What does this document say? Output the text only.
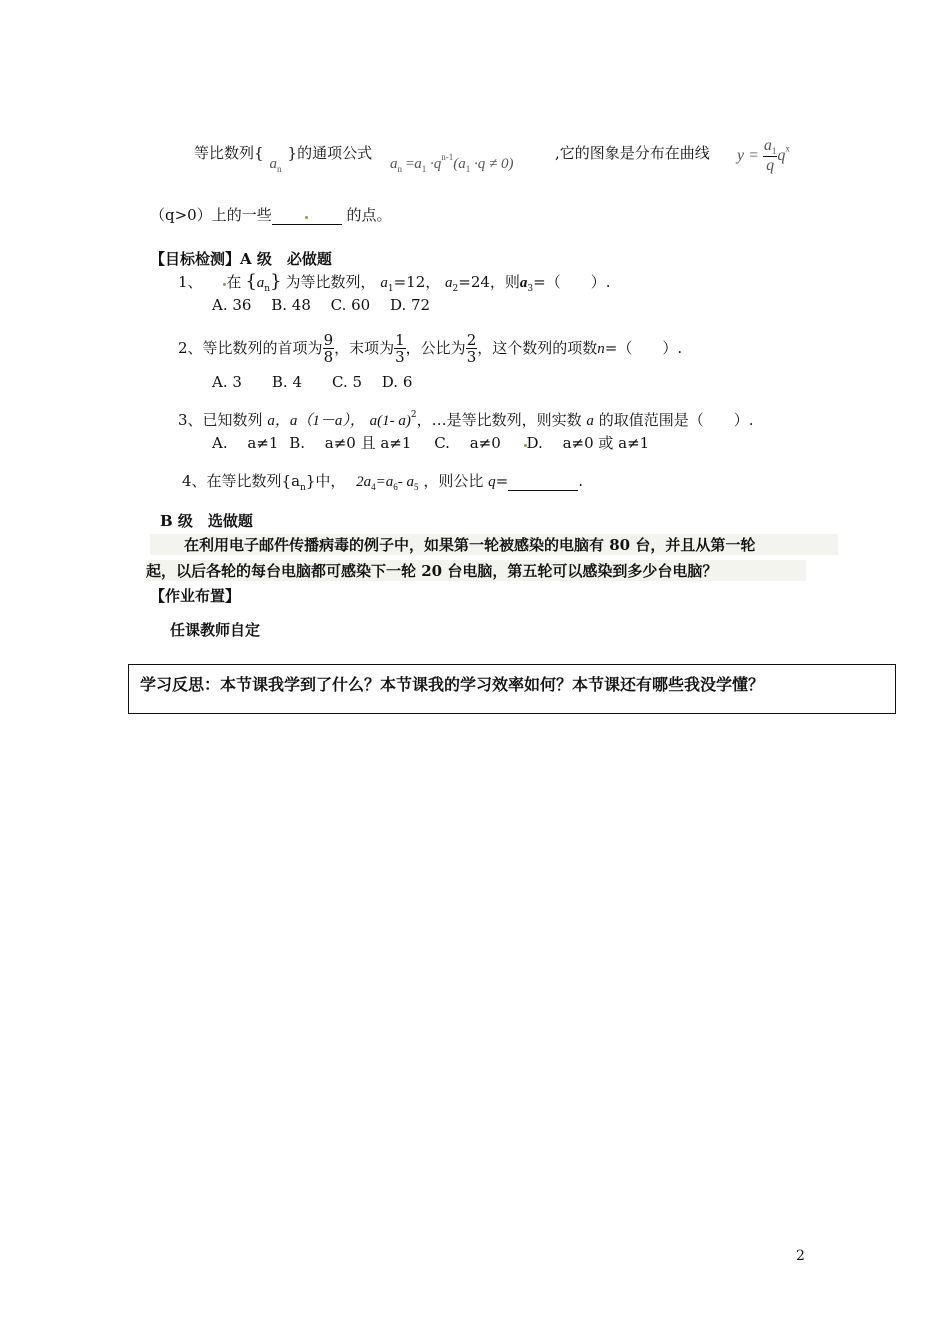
等比数列$\{a_n\}$的通项公式
$a_n =a_1 \cdot q^{n-1}(a_1 \cdot q \ne 0)$
,它的图象是分布在曲线 $y = \frac{a_1}{q} q^x$
（q>0）上的一些	的点。
【目标检测】A 级　必做题
1、 在 $\{a_n\}$ 为等比数列， $a_1=12$， $a_2=24$，则$a_3=$（　　）.
A. 36　 B. 48　 C. 60　 D. 72
2、等比数列的首项为 $\frac{9}{8}$ ，末项为 $\frac{1}{3}$ ，公比为 $\frac{2}{3}$ ，这个数列的项数n=（　　）.
A. 3　　B. 4　　C. 5　 D. 6
3、已知数列 a，a（1－a）， a(1- a)$^2$，…是等比数列，则实数 a 的取值范围是（　　）.
A.　 a≠1 B.　 a≠0 且 a≠1 C.　 a≠0 D.　 a≠0 或 a≠1
4、在等比数列$\{a_n\}$中， $2a_4=a_6-$ $a_5$ ，则公比 q=	.
B 级　选做题
在利用电子邮件传播病毒的例子中，如果第一轮被感染的电脑有 80 台，并且从第一轮
起，以后各轮的每台电脑都可感染下一轮 20 台电脑，第五轮可以感染到多少台电脑？
【作业布置】
任课教师自定
学习反思：本节课我学到了什么？本节课我的学习效率如何？本节课还有哪些我没学懂？
2
